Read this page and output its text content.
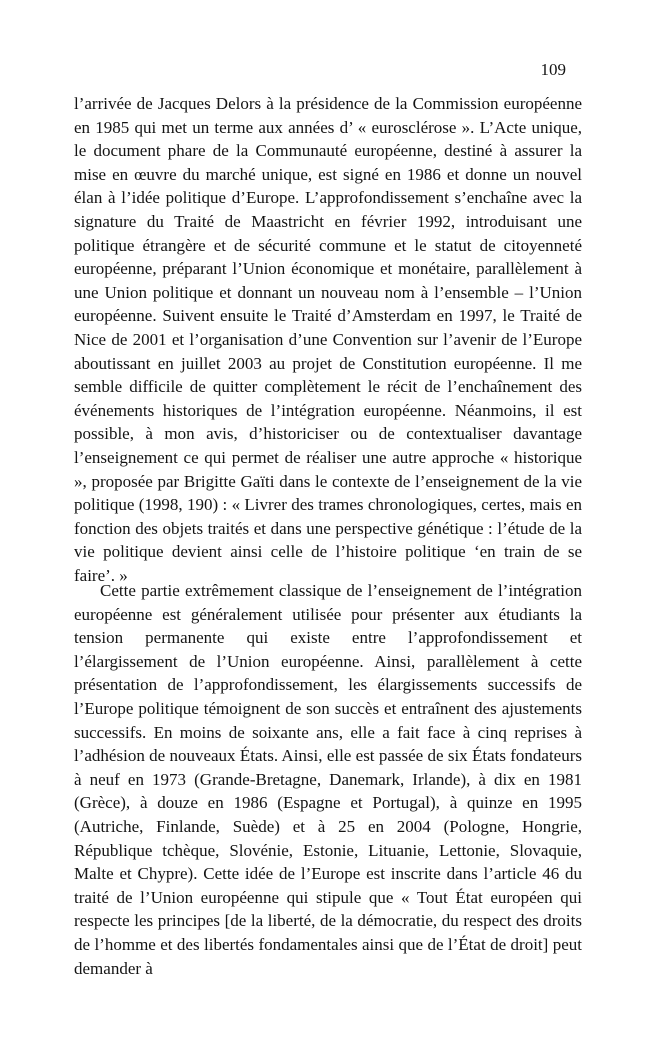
109

l’arrivée de Jacques Delors à la présidence de la Commission européenne en 1985 qui met un terme aux années d’ « eurosclérose ». L’Acte unique, le document phare de la Communauté européenne, destiné à assurer la mise en œuvre du marché unique, est signé en 1986 et donne un nouvel élan à l’idée politique d’Europe. L’approfondissement s’enchaîne avec la signature du Traité de Maastricht en février 1992, introduisant une politique étrangère et de sécurité commune et le statut de citoyenneté européenne, préparant l’Union économique et monétaire, parallèlement à une Union politique et donnant un nouveau nom à l’ensemble – l’Union européenne. Suivent ensuite le Traité d’Amsterdam en 1997, le Traité de Nice de 2001 et l’organisation d’une Convention sur l’avenir de l’Europe aboutissant en juillet 2003 au projet de Constitution européenne. Il me semble difficile de quitter complètement le récit de l’enchaînement des événements historiques de l’intégration européenne. Néanmoins, il est possible, à mon avis, d’historiciser ou de contextualiser davantage l’enseignement ce qui permet de réaliser une autre approche « historique », proposée par Brigitte Gaïti dans le contexte de l’enseignement de la vie politique (1998, 190) : « Livrer des trames chronologiques, certes, mais en fonction des objets traités et dans une perspective génétique : l’étude de la vie politique devient ainsi celle de l’histoire politique ‘en train de se faire’. »

Cette partie extrêmement classique de l’enseignement de l’intégration européenne est généralement utilisée pour présenter aux étudiants la tension permanente qui existe entre l’approfondissement et l’élargissement de l’Union européenne. Ainsi, parallèlement à cette présentation de l’approfondissement, les élargissements successifs de l’Europe politique témoignent de son succès et entraînent des ajustements successifs. En moins de soixante ans, elle a fait face à cinq reprises à l’adhésion de nouveaux États. Ainsi, elle est passée de six États fondateurs à neuf en 1973 (Grande-Bretagne, Danemark, Irlande), à dix en 1981 (Grèce), à douze en 1986 (Espagne et Portugal), à quinze en 1995 (Autriche, Finlande, Suède) et à 25 en 2004 (Pologne, Hongrie, République tchèque, Slovénie, Estonie, Lituanie, Lettonie, Slovaquie, Malte et Chypre). Cette idée de l’Europe est inscrite dans l’article 46 du traité de l’Union européenne qui stipule que « Tout État européen qui respecte les principes [de la liberté, de la démocratie, du respect des droits de l’homme et des libertés fondamentales ainsi que de l’État de droit] peut demander à
